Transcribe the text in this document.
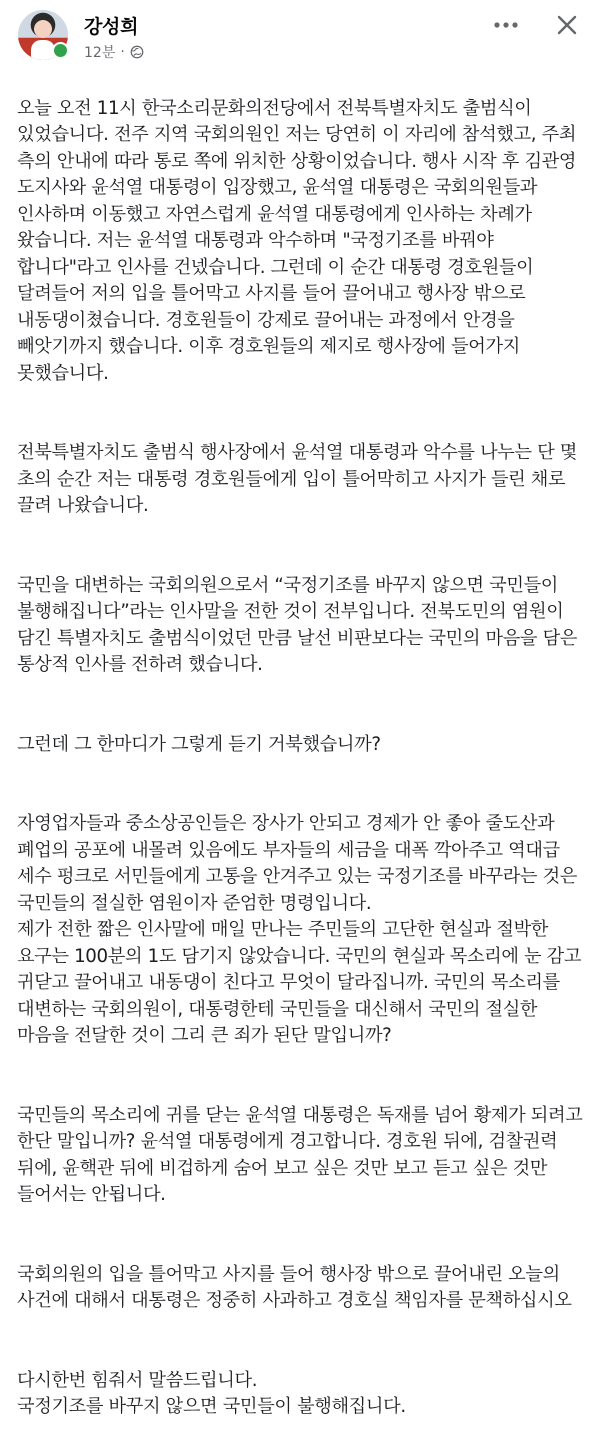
강성희
12분 ·

오늘 오전 11시 한국소리문화의전당에서 전북특별자치도 출범식이 있었습니다. 전주 지역 국회의원인 저는 당연히 이 자리에 참석했고, 주최 측의 안내에 따라 통로 쪽에 위치한 상황이었습니다. 행사 시작 후 김관영 도지사와 윤석열 대통령이 입장했고, 윤석열 대통령은 국회의원들과 인사하며 이동했고 자연스럽게 윤석열 대통령에게 인사하는 차례가 왔습니다. 저는 윤석열 대통령과 악수하며 "국정기조를 바꿔야 합니다"라고 인사를 건넸습니다. 그런데 이 순간 대통령 경호원들이 달려들어 저의 입을 틀어막고 사지를 들어 끌어내고 행사장 밖으로 내동댕이쳤습니다. 경호원들이 강제로 끌어내는 과정에서 안경을 빼앗기까지 했습니다. 이후 경호원들의 제지로 행사장에 들어가지 못했습니다.

전북특별자치도 출범식 행사장에서 윤석열 대통령과 악수를 나누는 단 몇 초의 순간 저는 대통령 경호원들에게 입이 틀어막히고 사지가 들린 채로 끌려 나왔습니다.

국민을 대변하는 국회의원으로서 “국정기조를 바꾸지 않으면 국민들이 불행해집니다”라는 인사말을 전한 것이 전부입니다. 전북도민의 염원이 담긴 특별자치도 출범식이었던 만큼 날선 비판보다는 국민의 마음을 담은 통상적 인사를 전하려 했습니다.

그런데 그 한마디가 그렇게 듣기 거북했습니까?

자영업자들과 중소상공인들은 장사가 안되고 경제가 안 좋아 줄도산과 폐업의 공포에 내몰려 있음에도 부자들의 세금을 대폭 깍아주고 역대급 세수 펑크로 서민들에게 고통을 안겨주고 있는 국정기조를 바꾸라는 것은 국민들의 절실한 염원이자 준엄한 명령입니다.
제가 전한 짧은 인사말에 매일 만나는 주민들의 고단한 현실과 절박한 요구는 100분의 1도 담기지 않았습니다. 국민의 현실과 목소리에 눈 감고 귀닫고 끌어내고 내동댕이 친다고 무엇이 달라집니까. 국민의 목소리를 대변하는 국회의원이, 대통령한테 국민들을 대신해서 국민의 절실한 마음을 전달한 것이 그리 큰 죄가 된단 말입니까?

국민들의 목소리에 귀를 닫는 윤석열 대통령은 독재를 넘어 황제가 되려고 한단 말입니까? 윤석열 대통령에게 경고합니다. 경호원 뒤에, 검찰권력 뒤에, 윤핵관 뒤에 비겁하게 숨어 보고 싶은 것만 보고 듣고 싶은 것만 들어서는 안됩니다.

국회의원의 입을 틀어막고 사지를 들어 행사장 밖으로 끌어내린 오늘의 사건에 대해서 대통령은 정중히 사과하고 경호실 책임자를 문책하십시오

다시한번 힘줘서 말씀드립니다.
국정기조를 바꾸지 않으면 국민들이 불행해집니다.
